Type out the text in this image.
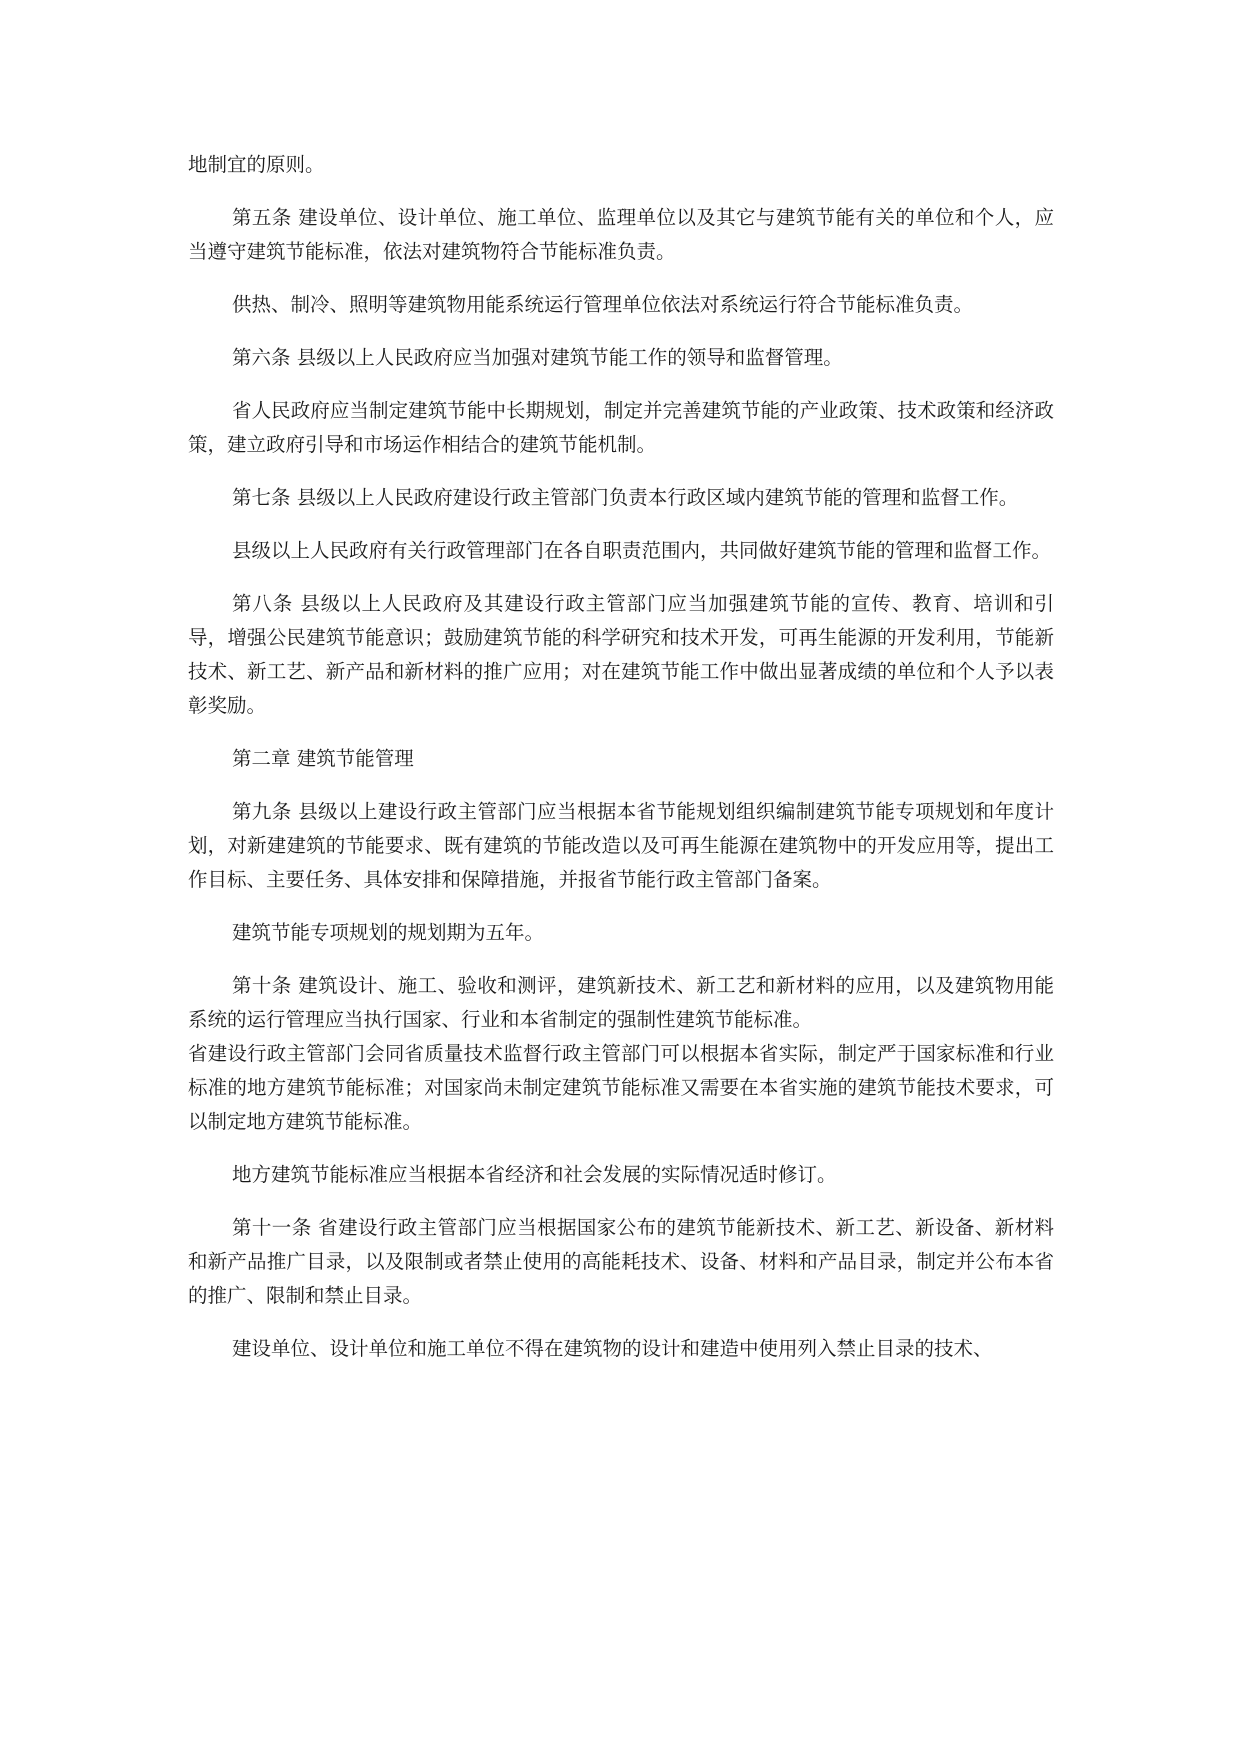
地制宜的原则。

第五条 建设单位、设计单位、施工单位、监理单位以及其它与建筑节能有关的单位和个人，应当遵守建筑节能标准，依法对建筑物符合节能标准负责。

供热、制冷、照明等建筑物用能系统运行管理单位依法对系统运行符合节能标准负责。

第六条 县级以上人民政府应当加强对建筑节能工作的领导和监督管理。

省人民政府应当制定建筑节能中长期规划，制定并完善建筑节能的产业政策、技术政策和经济政策，建立政府引导和市场运作相结合的建筑节能机制。

第七条 县级以上人民政府建设行政主管部门负责本行政区域内建筑节能的管理和监督工作。

县级以上人民政府有关行政管理部门在各自职责范围内，共同做好建筑节能的管理和监督工作。

第八条 县级以上人民政府及其建设行政主管部门应当加强建筑节能的宣传、教育、培训和引导，增强公民建筑节能意识；鼓励建筑节能的科学研究和技术开发，可再生能源的开发利用，节能新技术、新工艺、新产品和新材料的推广应用；对在建筑节能工作中做出显著成绩的单位和个人予以表彰奖励。

第二章 建筑节能管理

第九条 县级以上建设行政主管部门应当根据本省节能规划组织编制建筑节能专项规划和年度计划，对新建建筑的节能要求、既有建筑的节能改造以及可再生能源在建筑物中的开发应用等，提出工作目标、主要任务、具体安排和保障措施，并报省节能行政主管部门备案。

建筑节能专项规划的规划期为五年。

第十条 建筑设计、施工、验收和测评，建筑新技术、新工艺和新材料的应用，以及建筑物用能系统的运行管理应当执行国家、行业和本省制定的强制性建筑节能标准。

省建设行政主管部门会同省质量技术监督行政主管部门可以根据本省实际，制定严于国家标准和行业标准的地方建筑节能标准；对国家尚未制定建筑节能标准又需要在本省实施的建筑节能技术要求，可以制定地方建筑节能标准。

地方建筑节能标准应当根据本省经济和社会发展的实际情况适时修订。

第十一条 省建设行政主管部门应当根据国家公布的建筑节能新技术、新工艺、新设备、新材料和新产品推广目录，以及限制或者禁止使用的高能耗技术、设备、材料和产品目录，制定并公布本省的推广、限制和禁止目录。

建设单位、设计单位和施工单位不得在建筑物的设计和建造中使用列入禁止目录的技术、
